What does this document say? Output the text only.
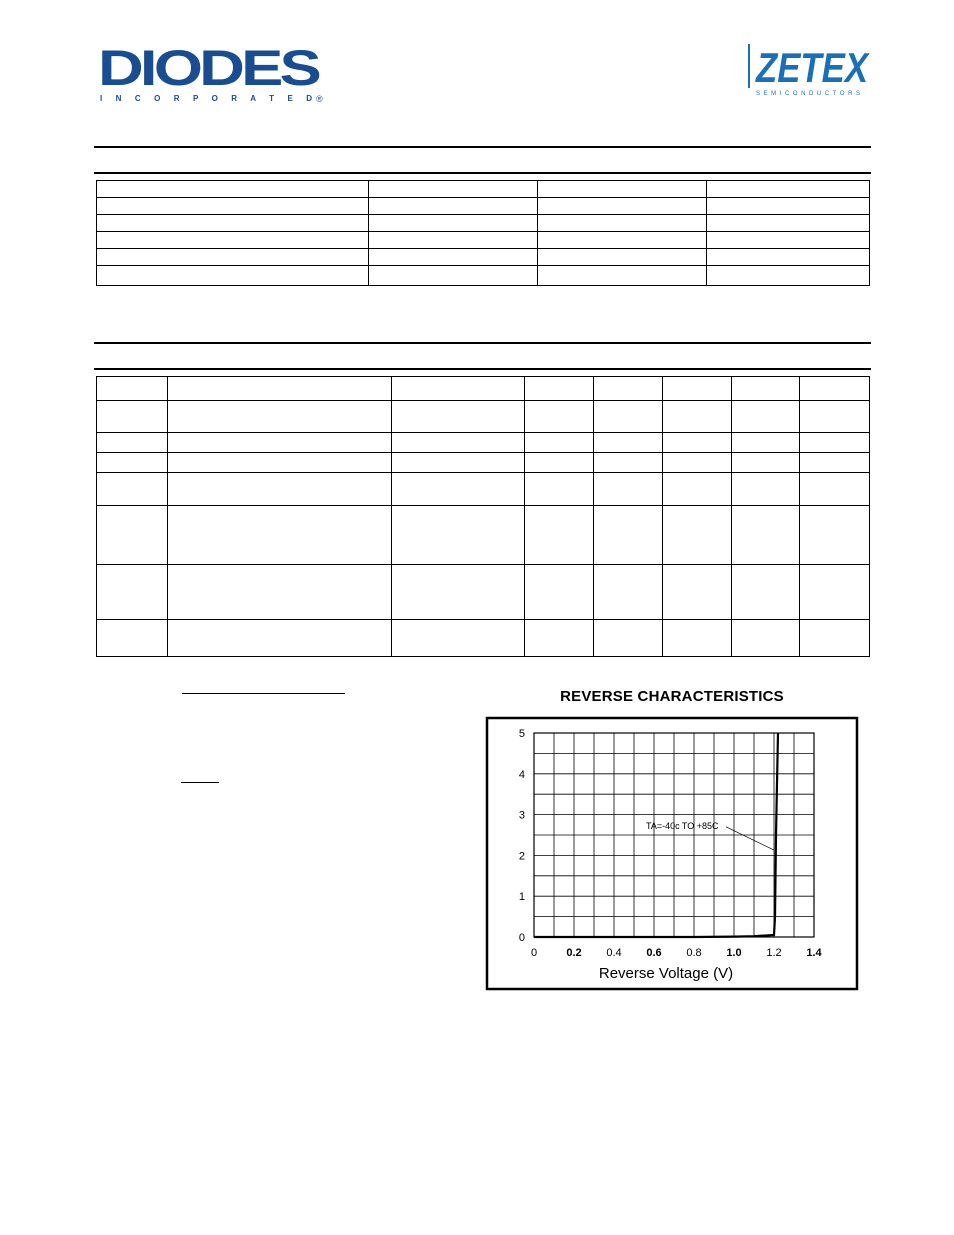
DIODES
I N C O R P O R A T E D ®
ZETEX
SEMICONDUCTORS

REVERSE CHARACTERISTICS
0	0.2 0.4 0.6 0.8 1.0 1.2 1.4
0
1
2
3
4
5
TA=-40c TO +85C
Reverse Voltage (V)
